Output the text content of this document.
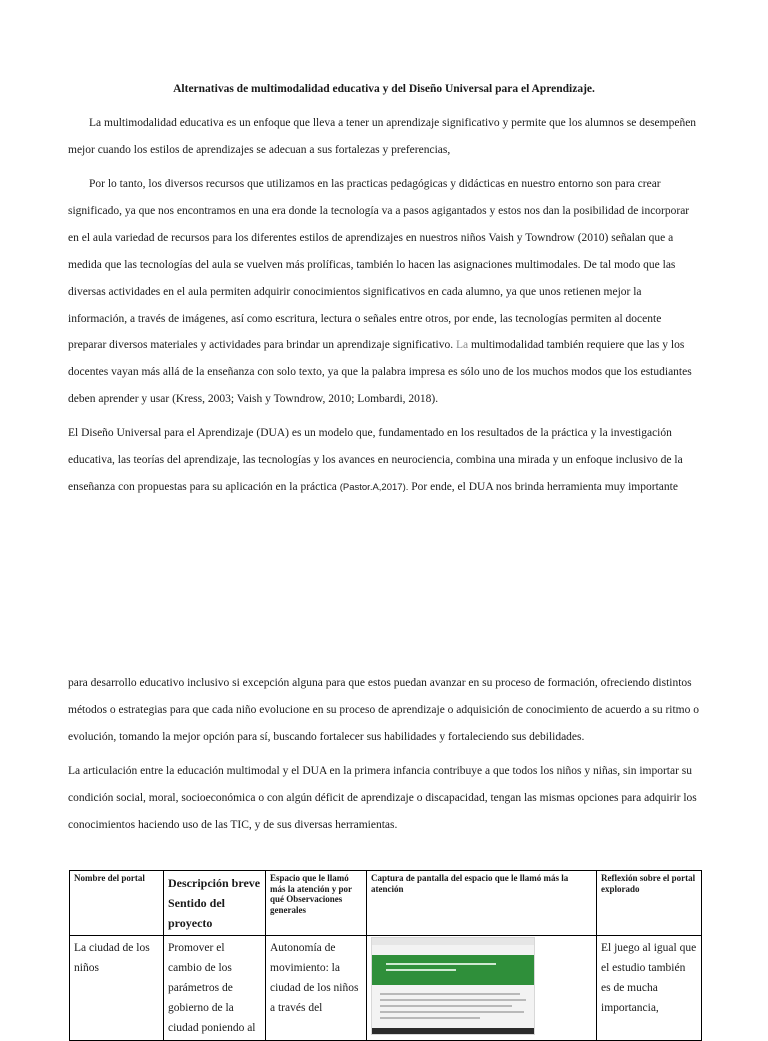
Alternativas de multimodalidad educativa y del Diseño Universal para el Aprendizaje.

La multimodalidad educativa es un enfoque que lleva a tener un aprendizaje significativo y permite que los alumnos se desempeñen mejor cuando los estilos de aprendizajes se adecuan a sus fortalezas y preferencias,

Por lo tanto, los diversos recursos que utilizamos en las practicas pedagógicas y didácticas en nuestro entorno son para crear significado, ya que nos encontramos en una era donde la tecnología va a pasos agigantados y estos nos dan la posibilidad de incorporar en el aula variedad de recursos para los diferentes estilos de aprendizajes en nuestros niños Vaish y Towndrow (2010) señalan que a medida que las tecnologías del aula se vuelven más prolíficas, también lo hacen las asignaciones multimodales. De tal modo que las diversas actividades en el aula permiten adquirir conocimientos significativos en cada alumno, ya que unos retienen mejor la información, a través de imágenes, así como escritura, lectura o señales entre otros, por ende, las tecnologías permiten al docente preparar diversos materiales y actividades para brindar un aprendizaje significativo. La multimodalidad también requiere que las y los docentes vayan más allá de la enseñanza con solo texto, ya que la palabra impresa es sólo uno de los muchos modos que los estudiantes deben aprender y usar (Kress, 2003; Vaish y Towndrow, 2010; Lombardi, 2018).

El Diseño Universal para el Aprendizaje (DUA) es un modelo que, fundamentado en los resultados de la práctica y la investigación educativa, las teorías del aprendizaje, las tecnologías y los avances en neurociencia, combina una mirada y un enfoque inclusivo de la enseñanza con propuestas para su aplicación en la práctica (Pastor.A,2017). Por ende, el DUA nos brinda herramienta muy importante

para desarrollo educativo inclusivo si excepción alguna para que estos puedan avanzar en su proceso de formación, ofreciendo distintos métodos o estrategias para que cada niño evolucione en su proceso de aprendizaje o adquisición de conocimiento de acuerdo a su ritmo o evolución, tomando la mejor opción para sí, buscando fortalecer sus habilidades y fortaleciendo sus debilidades.

La articulación entre la educación multimodal y el DUA en la primera infancia contribuye a que todos los niños y niñas, sin importar su condición social, moral, socioeconómica o con algún déficit de aprendizaje o discapacidad, tengan las mismas opciones para adquirir los conocimientos haciendo uso de las TIC, y de sus diversas herramientas.

Nombre del portal	Descripción breve Sentido del proyecto	Espacio que le llamó más la atención y por qué Observaciones generales	Captura de pantalla del espacio que le llamó más la atención	Reflexión sobre el portal explorado
La ciudad de los niños	Promover el cambio de los parámetros de gobierno de la ciudad poniendo al	Autonomía de movimiento: la ciudad de los niños a través del		El juego al igual que el estudio también es de mucha importancia,
